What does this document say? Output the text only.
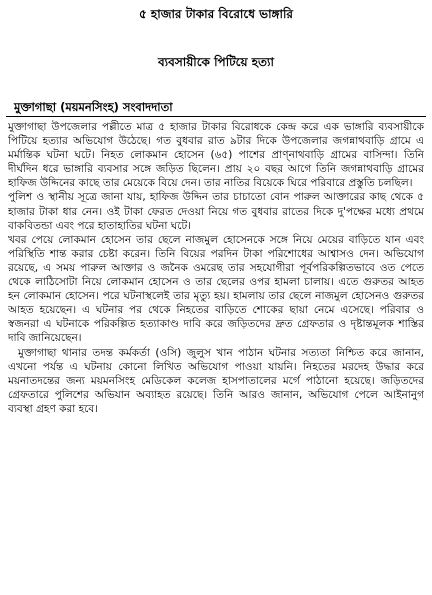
৫ হাজার টাকার বিরোধে ভাঙ্গারি
ব্যবসায়ীকে পিটিয়ে হত্যা
মুক্তাগাছা (ময়মনসিংহ) সংবাদদাতা

মুক্তাগাছা উপজেলার পল্লীতে মাত্র ৫ হাজার টাকার বিরোধকে কেন্দ্র করে এক ভাঙ্গারি ব্যবসায়ীকে পিটিয়ে হত্যার অভিযোগ উঠেছে। গত বুধবার রাত ৯টার দিকে উপজেলার জগন্নাথবাড়ি গ্রামে এ মর্মান্তিক ঘটনা ঘটে। নিহত লোকমান হোসেন (৬৫) পাশের প্রাণ্নাথবাড়ি গ্রামের বাসিন্দা। তিনি দীর্ঘদিন ধরে ভাঙ্গারি ব্যবসার সঙ্গে জড়িত ছিলেন। প্রায় ২০ বছর আগে তিনি জগন্নাথবাড়ি গ্রামের হাফিজ উদ্দিনের কাছে তার মেয়েকে বিয়ে দেন। তার নাতির বিয়েকে ঘিরে পরিবারে প্রস্তুতি চলছিল।

পুলিশ ও স্থানীয় সূত্রে জানা যায়, হাফিজ উদ্দিন তার চাচাতো বোন পারুল আক্তারের কাছ থেকে ৫ হাজার টাকা ধার নেন। ওই টাকা ফেরত দেওয়া নিয়ে গত বুধবার রাতের দিকে দু'পক্ষের মধ্যে প্রথমে বাকবিতন্ডা এবং পরে হাতাহাতির ঘটনা ঘটে।

খবর পেয়ে লোকমান হোসেন তার ছেলে নাজমুল হোসেনকে সঙ্গে নিয়ে মেয়ের বাড়িতে যান এবং পরিস্থিতি শান্ত করার চেষ্টা করেন। তিনি বিয়ের পরদিন টাকা পরিশোধের আশ্বাসও দেন। অভিযোগ রয়েছে, এ সময় পারুল আক্তার ও জনৈক ওমরেছ তার সহযোগীরা পূর্বপরিকল্পিতভাবে ওত পেতে থেকে লাঠিসোটা নিয়ে লোকমান হোসেন ও তার ছেলের ওপর হামলা চালায়। এতে গুরুতর আহত হন লোকমান হোসেন। পরে ঘটনাস্থলেই তার মৃত্যু হয়। হামলায় তার ছেলে নাজমুল হোসেনও গুরুতর আহত হয়েছেন। এ ঘটনার পর থেকে নিহতের বাড়িতে শোকের ছায়া নেমে এসেছে। পরিবার ও স্বজনরা এ ঘটনাকে পরিকল্পিত হত্যাকাণ্ড দাবি করে জড়িতদের দ্রুত গ্রেফতার ও দৃষ্টান্তমূলক শাস্তির দাবি জানিয়েছেন।

মুক্তাগাছা থানার তদন্ত কর্মকর্তা (ওসি) জুলুস খান পাঠান ঘটনার সত্যতা নিশ্চিত করে জানান, এখনো পর্যন্ত এ ঘটনায় কোনো লিখিত অভিযোগ পাওয়া যায়নি। নিহতের মরদেহ উদ্ধার করে ময়নাতদন্তের জন্য ময়মনসিংহ মেডিকেল কলেজ হাসপাতালের মর্গে পাঠানো হয়েছে। জড়িতদের গ্রেফতারে পুলিশের অভিযান অব্যাহত রয়েছে। তিনি আরও জানান, অভিযোগ পেলে আইনানুগ ব্যবস্থা গ্রহণ করা হবে।
